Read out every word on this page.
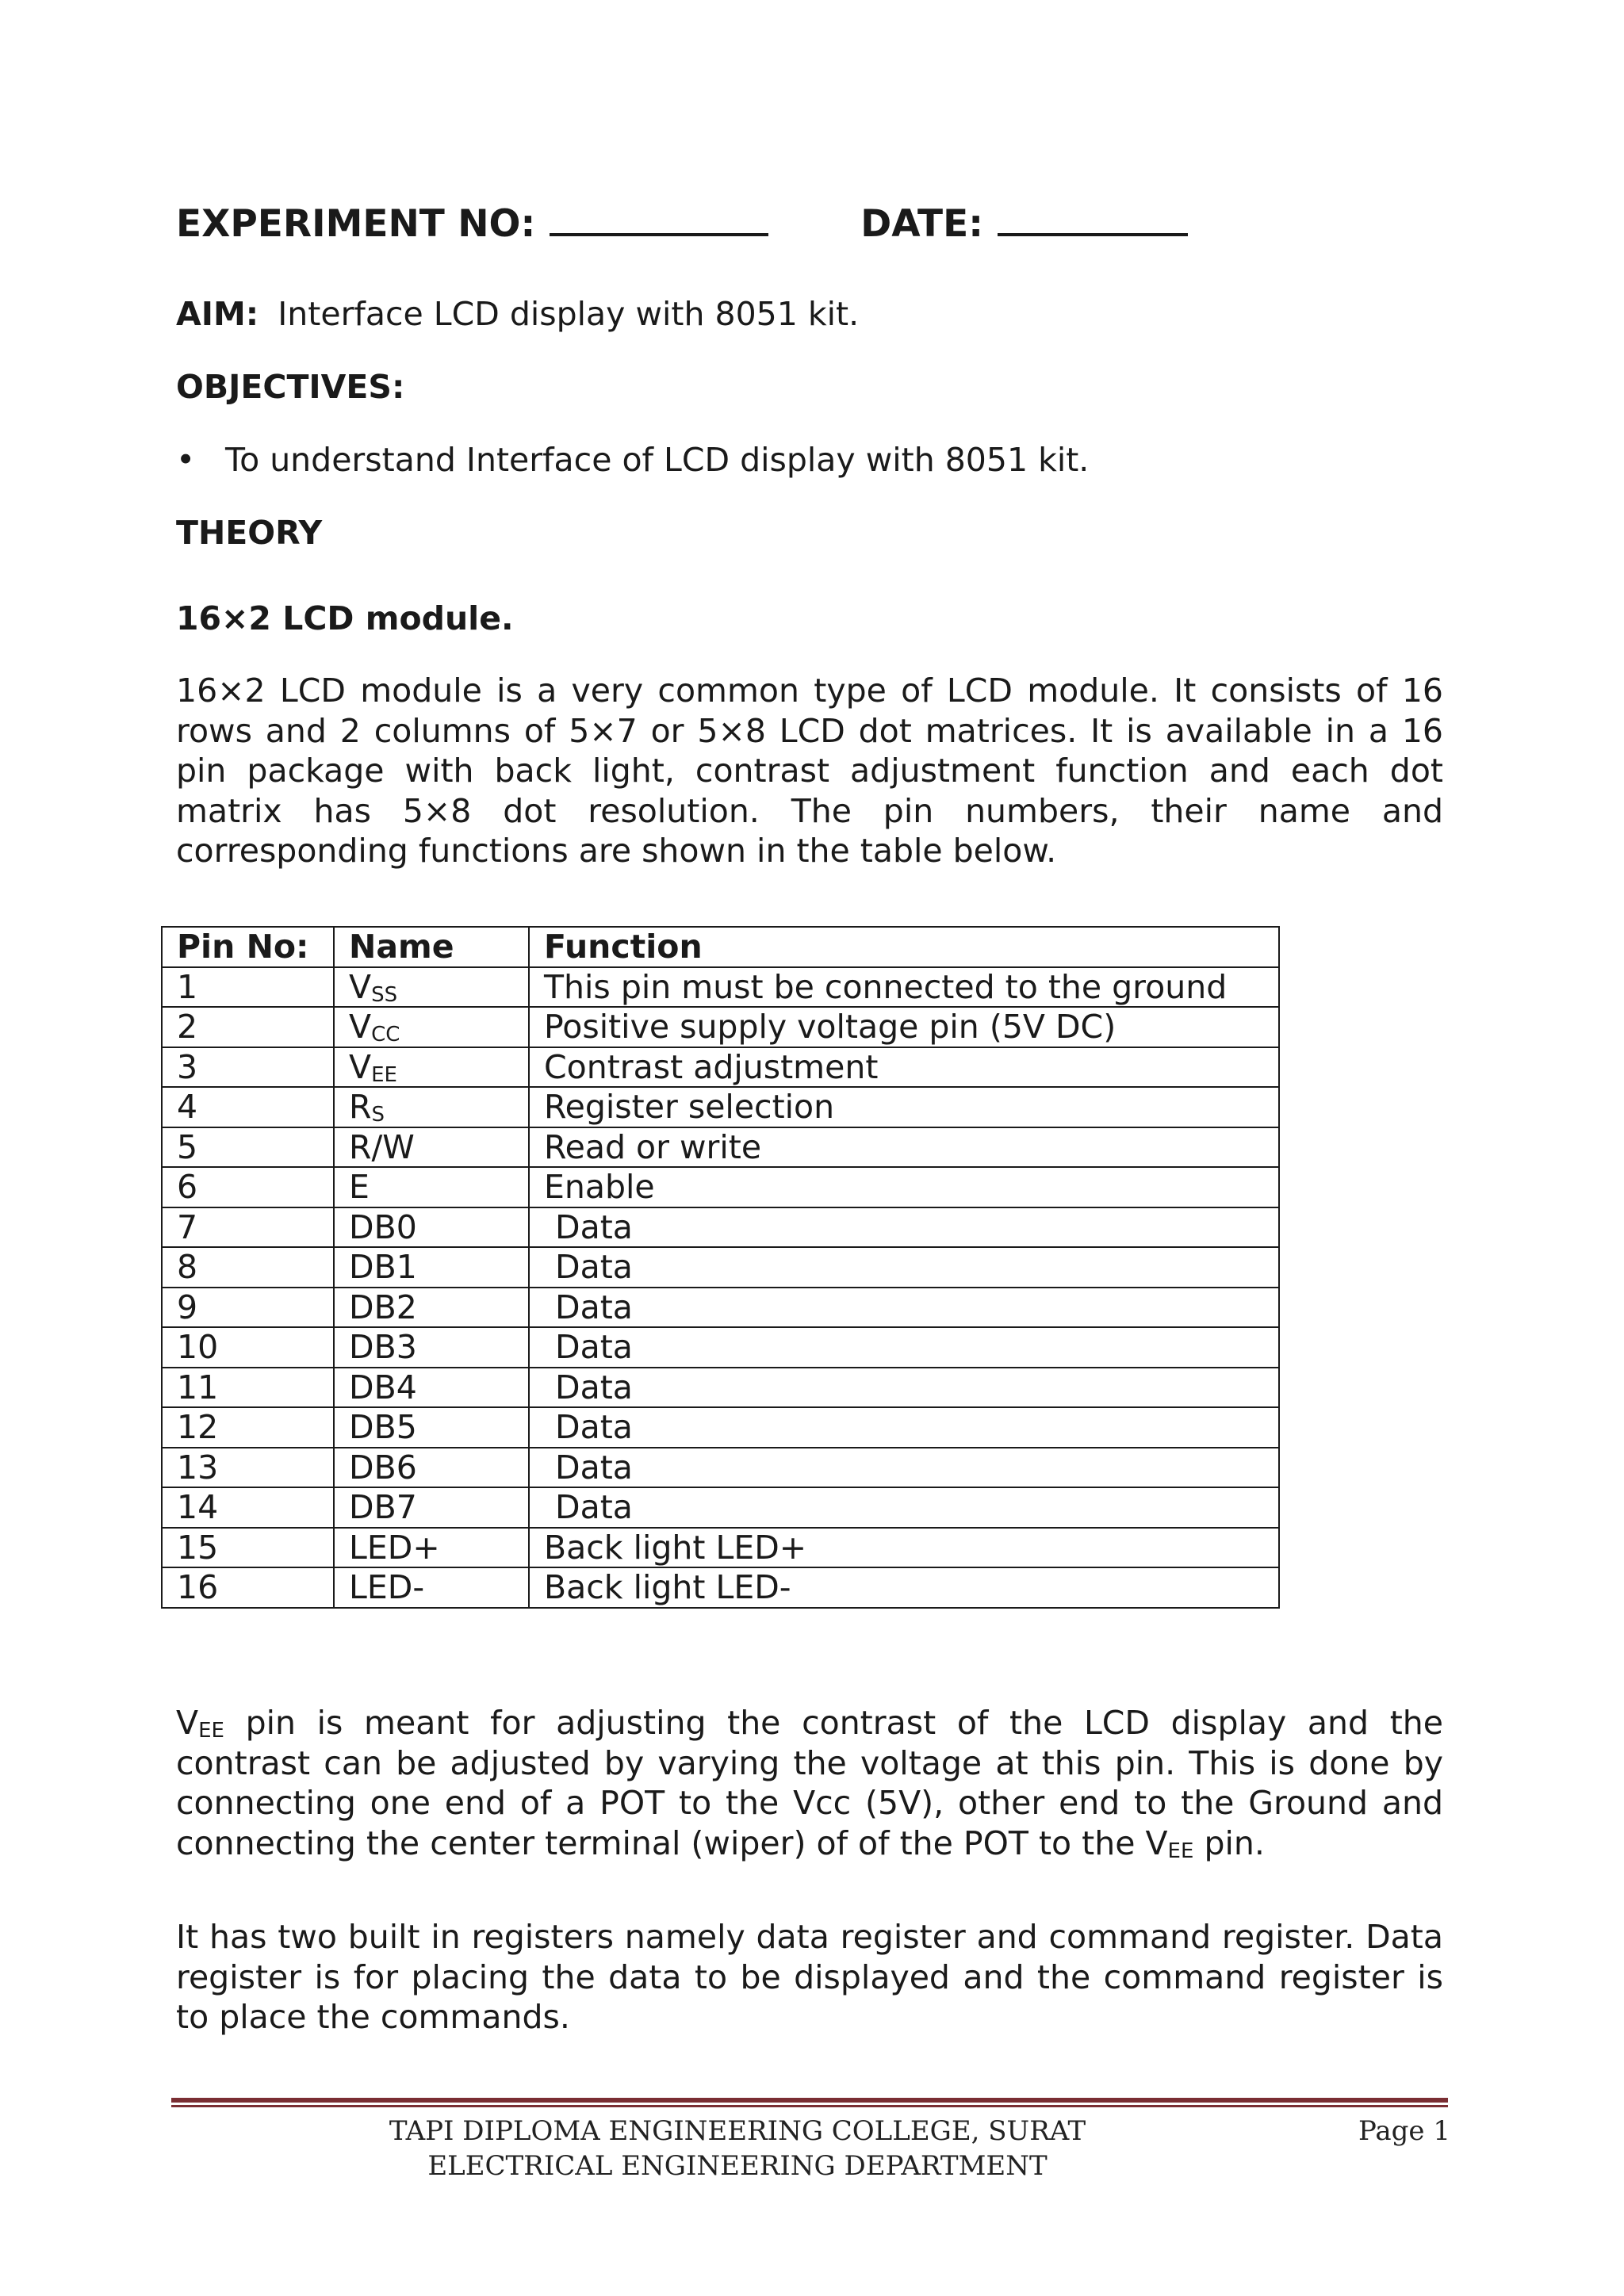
EXPERIMENT NO:	DATE:
AIM: Interface LCD display with 8051 kit.
OBJECTIVES:
• To understand Interface of LCD display with 8051 kit.
THEORY
16×2 LCD module.
16×2 LCD module is a very common type of LCD module. It consists of 16 rows and 2 columns of 5×7 or 5×8 LCD dot matrices. It is available in a 16 pin package with back light, contrast adjustment function and each dot matrix has 5×8 dot resolution. The pin numbers, their name and corresponding functions are shown in the table below.
Pin No:	Name	Function
1	$V_{SS}$	This pin must be connected to the ground
2	$V_{CC}$	Positive supply voltage pin (5V DC)
3	$V_{EE}$	Contrast adjustment
4	$R_S$	Register selection
5	R/W	Read or write
6	E	Enable
7	DB0	Data
8	DB1	Data
9	DB2	Data
10	DB3	Data
11	DB4	Data
12	DB5	Data
13	DB6	Data
14	DB7	Data
15	LED+	Back light LED+
16	LED-	Back light LED-
$V_{EE}$ pin is meant for adjusting the contrast of the LCD display and the contrast can be adjusted by varying the voltage at this pin. This is done by connecting one end of a POT to the Vcc (5V), other end to the Ground and connecting the center terminal (wiper) of of the POT to the $V_{EE}$ pin.
It has two built in registers namely data register and command register. Data register is for placing the data to be displayed and the command register is to place the commands.
TAPI DIPLOMA ENGINEERING COLLEGE, SURAT
ELECTRICAL ENGINEERING DEPARTMENT
Page 1
